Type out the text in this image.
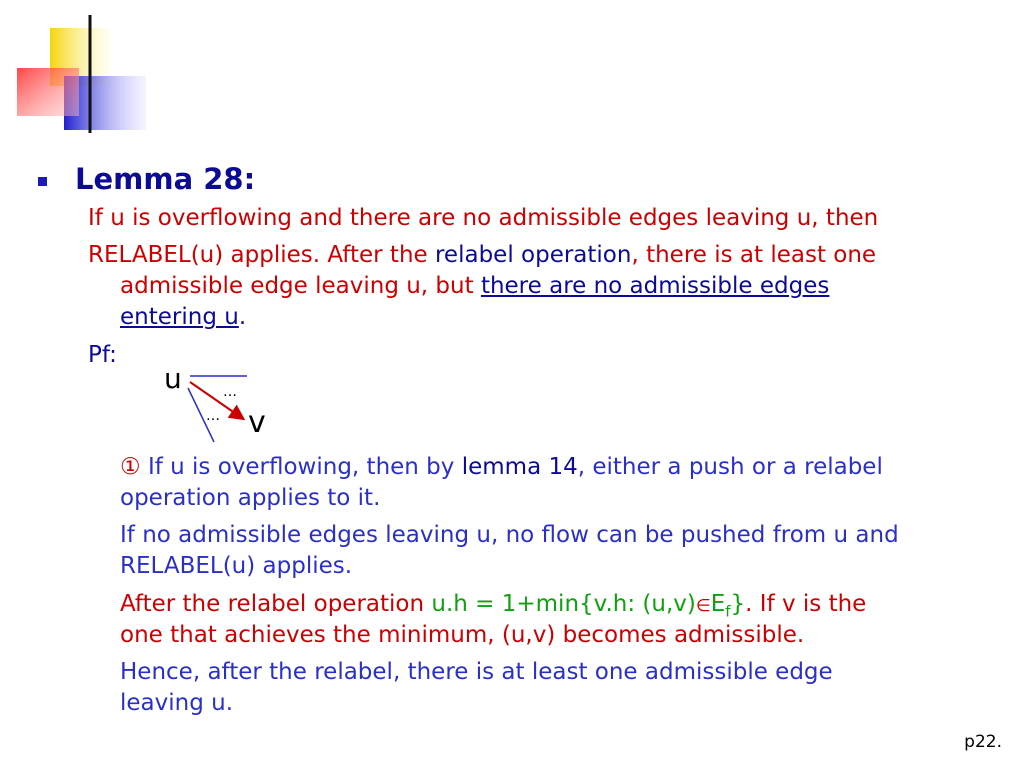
Lemma 28:

If u is overflowing and there are no admissible edges leaving u, then

RELABEL(u) applies. After the relabel operation, there is at least one

admissible edge leaving u, but there are no admissible edges

entering u.

Pf:

u	…
… v

① If u is overflowing, then by lemma 14, either a push or a relabel

operation applies to it.

If no admissible edges leaving u, no flow can be pushed from u and

RELABEL(u) applies.

After the relabel operation u.h = 1+min{v.h: $(u,v)\in E_f$}. If v is the

one that achieves the minimum, (u,v) becomes admissible.

Hence, after the relabel, there is at least one admissible edge

leaving u.

p22.
